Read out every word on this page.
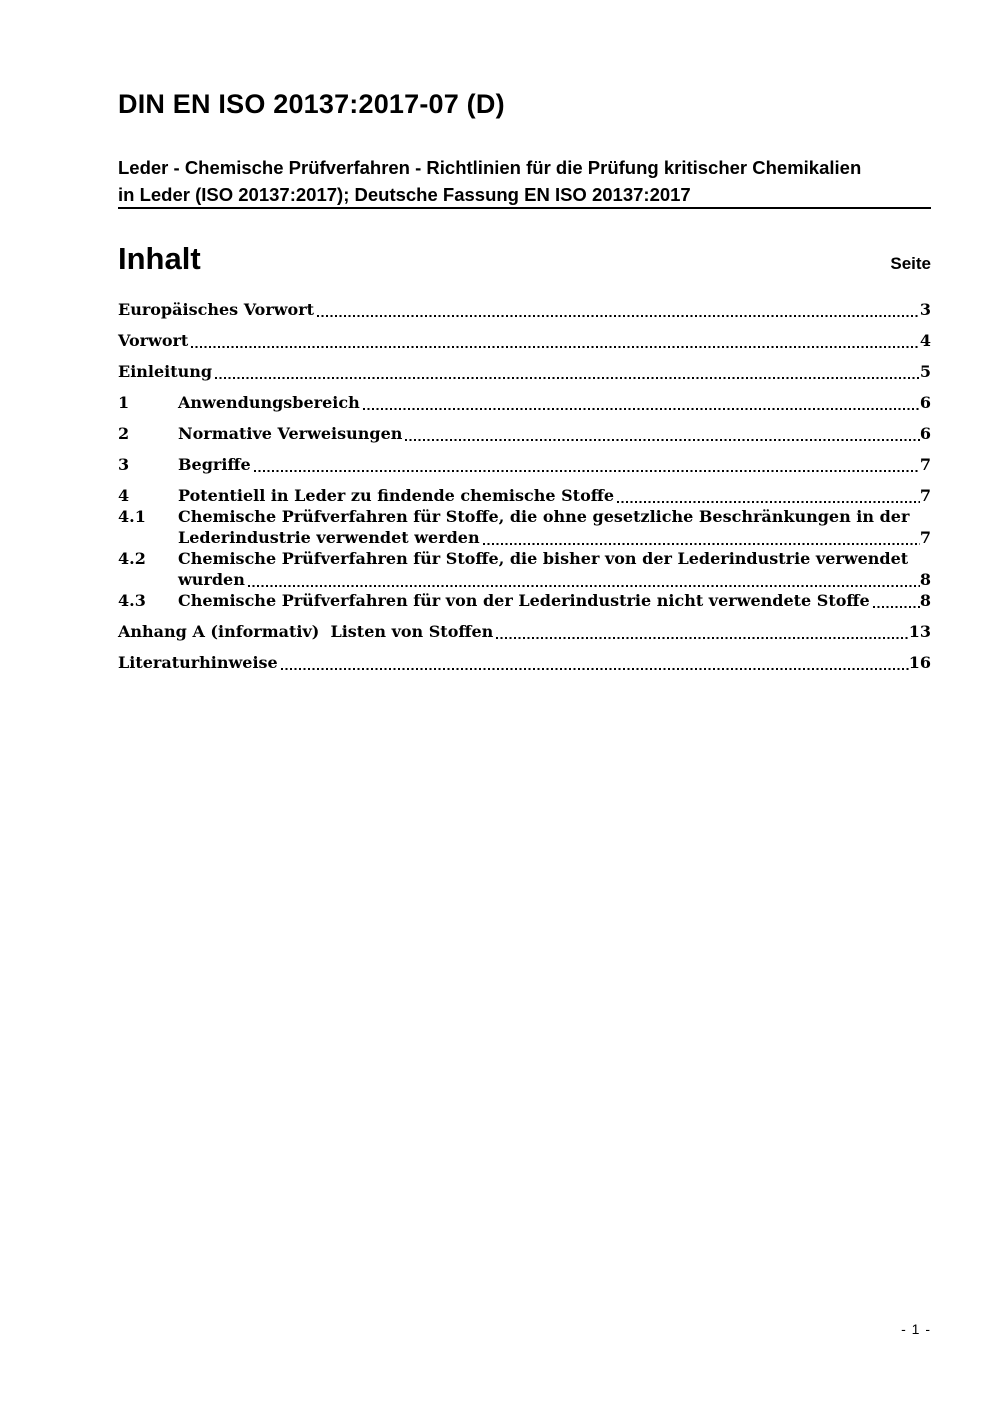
DIN EN ISO 20137:2017-07 (D)
Leder - Chemische Prüfverfahren - Richtlinien für die Prüfung kritischer Chemikalien
in Leder (ISO 20137:2017); Deutsche Fassung EN ISO 20137:2017
Inhalt	Seite
Europäisches Vorwort	3
Vorwort	4
Einleitung	5
1	Anwendungsbereich	6
2	Normative Verweisungen	6
3	Begriffe	7
4	Potentiell in Leder zu findende chemische Stoffe	7
4.1	Chemische Prüfverfahren für Stoffe, die ohne gesetzliche Beschränkungen in der
Lederindustrie verwendet werden	7
4.2	Chemische Prüfverfahren für Stoffe, die bisher von der Lederindustrie verwendet
wurden	8
4.3	Chemische Prüfverfahren für von der Lederindustrie nicht verwendete Stoffe	8
Anhang A (informativ)  Listen von Stoffen	13
Literaturhinweise	16
- 1 -
